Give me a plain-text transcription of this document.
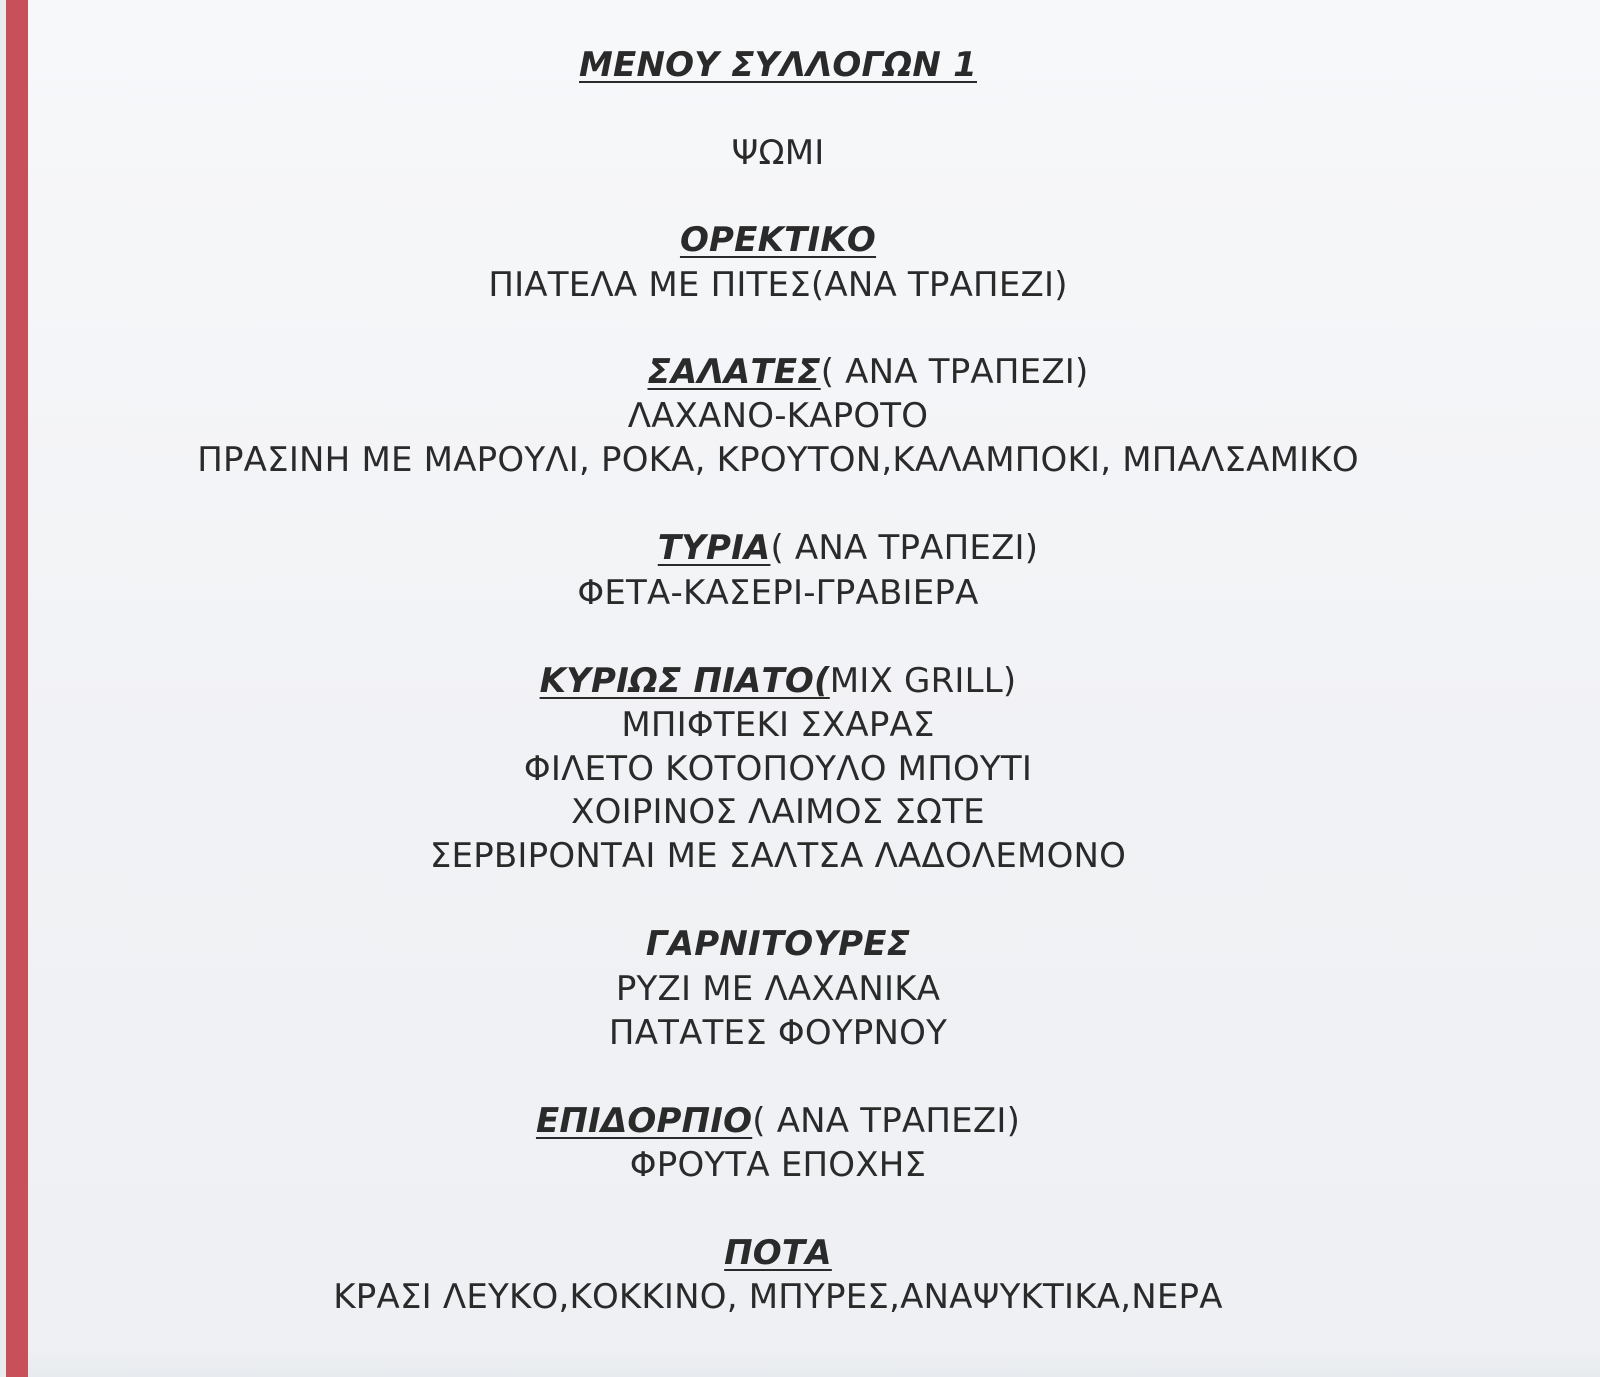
ΜΕΝΟΥ ΣΥΛΛΟΓΩΝ 1
ΨΩΜΙ
ΟΡΕΚΤΙΚΟ
ΠΙΑΤΕΛΑ ΜΕ ΠΙΤΕΣ(ΑΝΑ ΤΡΑΠΕΖΙ)
ΣΑΛΑΤΕΣ( ΑΝΑ ΤΡΑΠΕΖΙ)
ΛΑΧΑΝΟ-ΚΑΡΟΤΟ
ΠΡΑΣΙΝΗ ΜΕ ΜΑΡΟΥΛΙ, ΡΟΚΑ, ΚΡΟΥΤΟΝ,ΚΑΛΑΜΠΟΚΙ, ΜΠΑΛΣΑΜΙΚΟ
ΤΥΡΙΑ( ΑΝΑ ΤΡΑΠΕΖΙ)
ΦΕΤΑ-ΚΑΣΕΡΙ-ΓΡΑΒΙΕΡΑ
ΚΥΡΙΩΣ ΠΙΑΤΟ(MIX GRILL)
ΜΠΙΦΤΕΚΙ ΣΧΑΡΑΣ
ΦΙΛΕΤΟ ΚΟΤΟΠΟΥΛΟ ΜΠΟΥΤΙ
ΧΟΙΡΙΝΟΣ ΛΑΙΜΟΣ ΣΩΤΕ
ΣΕΡΒΙΡΟΝΤΑΙ ΜΕ ΣΑΛΤΣΑ ΛΑΔΟΛΕΜΟΝΟ
ΓΑΡΝΙΤΟΥΡΕΣ
ΡΥΖΙ ΜΕ ΛΑΧΑΝΙΚΑ
ΠΑΤΑΤΕΣ ΦΟΥΡΝΟΥ
ΕΠΙΔΟΡΠΙΟ( ΑΝΑ ΤΡΑΠΕΖΙ)
ΦΡΟΥΤΑ ΕΠΟΧΗΣ
ΠΟΤΑ
ΚΡΑΣΙ ΛΕΥΚΟ,ΚΟΚΚΙΝΟ, ΜΠΥΡΕΣ,ΑΝΑΨΥΚΤΙΚΑ,ΝΕΡΑ
